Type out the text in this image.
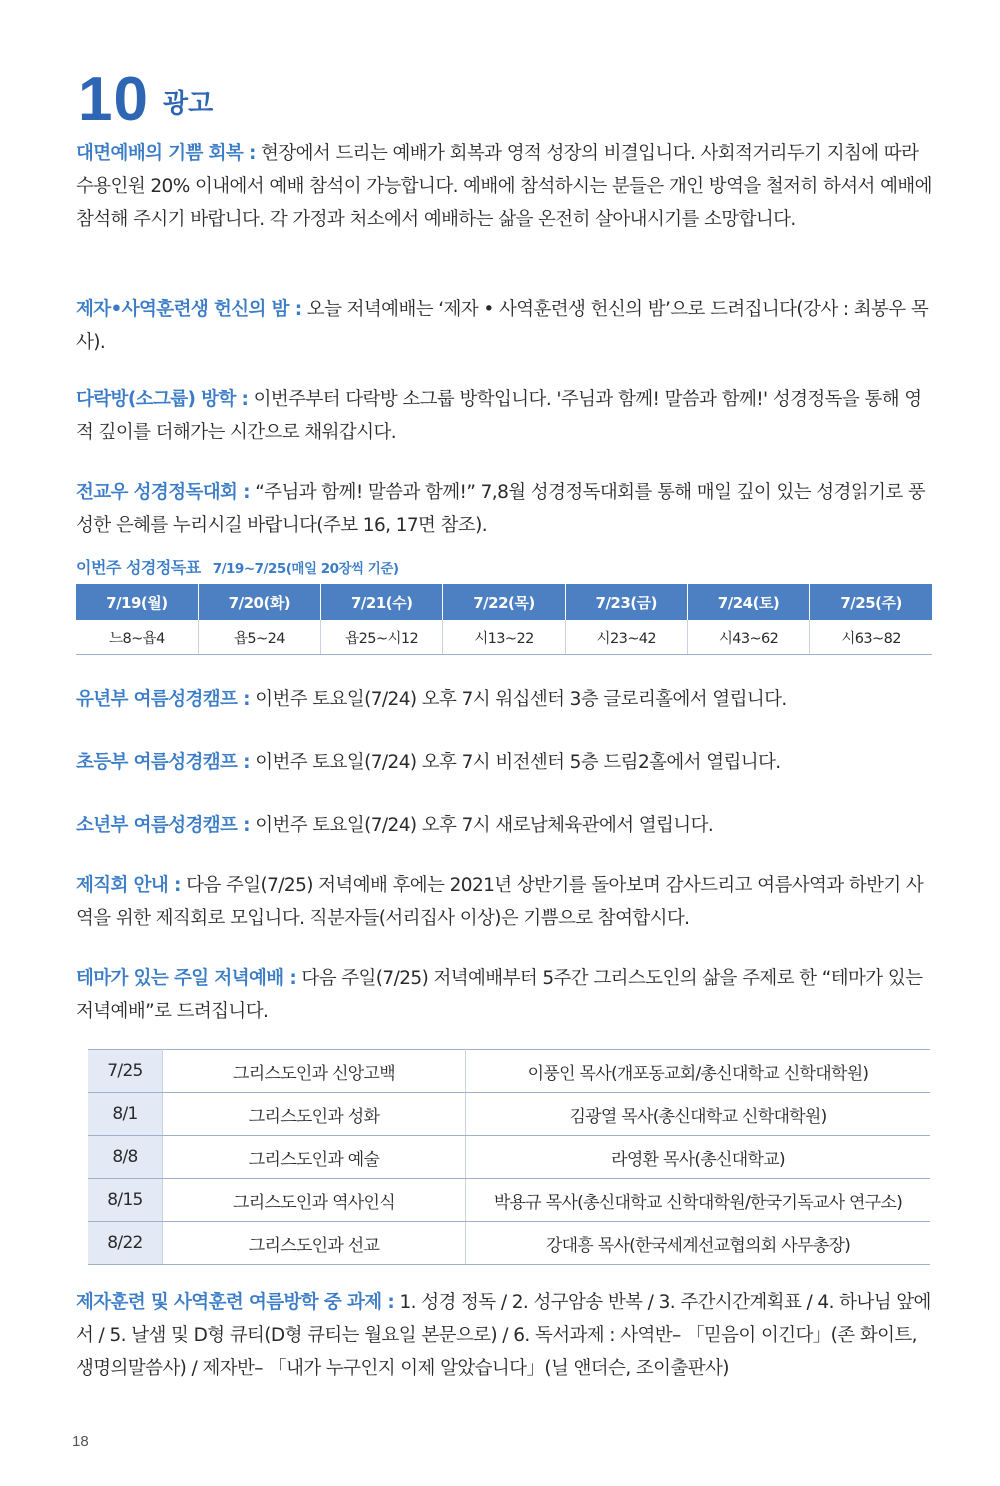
10 광고
대면예배의 기쁨 회복 : 현장에서 드리는 예배가 회복과 영적 성장의 비결입니다. 사회적거리두기 지침에 따라 수용인원 20% 이내에서 예배 참석이 가능합니다. 예배에 참석하시는 분들은 개인 방역을 철저히 하셔서 예배에 참석해 주시기 바랍니다. 각 가정과 처소에서 예배하는 삶을 온전히 살아내시기를 소망합니다.
제자•사역훈련생 헌신의 밤 : 오늘 저녁예배는 ‘제자 • 사역훈련생 헌신의 밤’으로 드려집니다(강사 : 최봉우 목사).
다락방(소그룹) 방학 : 이번주부터 다락방 소그룹 방학입니다. '주님과 함께! 말씀과 함께!' 성경정독을 통해 영적 깊이를 더해가는 시간으로 채워갑시다.
전교우 성경정독대회 : “주님과 함께! 말씀과 함께!” 7,8월 성경정독대회를 통해 매일 깊이 있는 성경읽기로 풍성한 은혜를 누리시길 바랍니다(주보 16, 17면 참조).
이번주 성경정독표 7/19~7/25(매일 20장씩 기준)
7/19(월)	7/20(화)	7/21(수)	7/22(목)	7/23(금)	7/24(토)	7/25(주)
느8~욥4	욥5~24	욥25~시12	시13~22	시23~42	시43~62	시63~82
유년부 여름성경캠프 : 이번주 토요일(7/24) 오후 7시 워십센터 3층 글로리홀에서 열립니다.
초등부 여름성경캠프 : 이번주 토요일(7/24) 오후 7시 비전센터 5층 드림2홀에서 열립니다.
소년부 여름성경캠프 : 이번주 토요일(7/24) 오후 7시 새로남체육관에서 열립니다.
제직회 안내 : 다음 주일(7/25) 저녁예배 후에는 2021년 상반기를 돌아보며 감사드리고 여름사역과 하반기 사역을 위한 제직회로 모입니다. 직분자들(서리집사 이상)은 기쁨으로 참여합시다.
테마가 있는 주일 저녁예배 : 다음 주일(7/25) 저녁예배부터 5주간 그리스도인의 삶을 주제로 한 “테마가 있는 저녁예배”로 드려집니다.
7/25	그리스도인과 신앙고백	이풍인 목사(개포동교회/총신대학교 신학대학원)
8/1	그리스도인과 성화	김광열 목사(총신대학교 신학대학원)
8/8	그리스도인과 예술	라영환 목사(총신대학교)
8/15	그리스도인과 역사인식	박용규 목사(총신대학교 신학대학원/한국기독교사 연구소)
8/22	그리스도인과 선교	강대흥 목사(한국세계선교협의회 사무총장)
제자훈련 및 사역훈련 여름방학 중 과제 : 1. 성경 정독 / 2. 성구암송 반복 / 3. 주간시간계획표 / 4. 하나님 앞에서 / 5. 날샘 및 D형 큐티(D형 큐티는 월요일 본문으로) / 6. 독서과제 : 사역반– 「믿음이 이긴다」(존 화이트, 생명의말씀사) / 제자반– 「내가 누구인지 이제 알았습니다」(닐 앤더슨, 조이출판사)
18
